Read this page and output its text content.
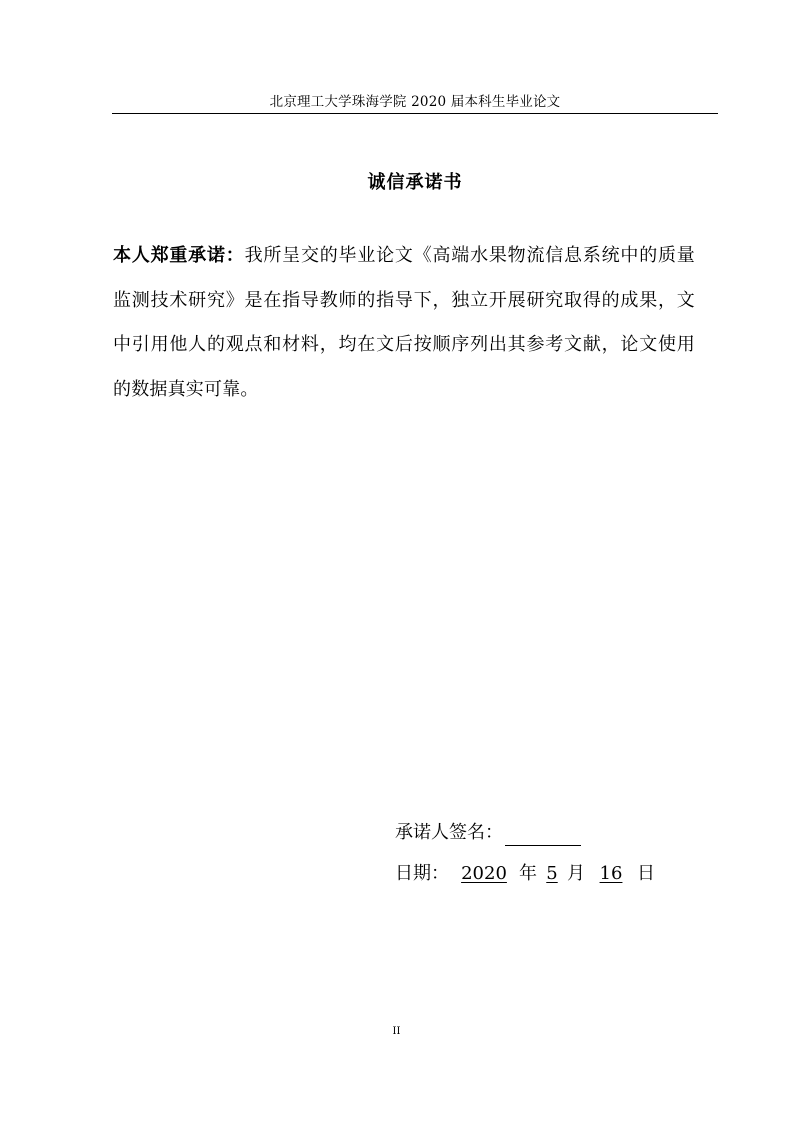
北京理工大学珠海学院 2020 届本科生毕业论文
诚信承诺书
本人郑重承诺：我所呈交的毕业论文《高端水果物流信息系统中的质量监测技术研究》是在指导教师的指导下，独立开展研究取得的成果，文中引用他人的观点和材料，均在文后按顺序列出其参考文献，论文使用的数据真实可靠。
承诺人签名：
日期： 2020 年 5 月 16 日
II
